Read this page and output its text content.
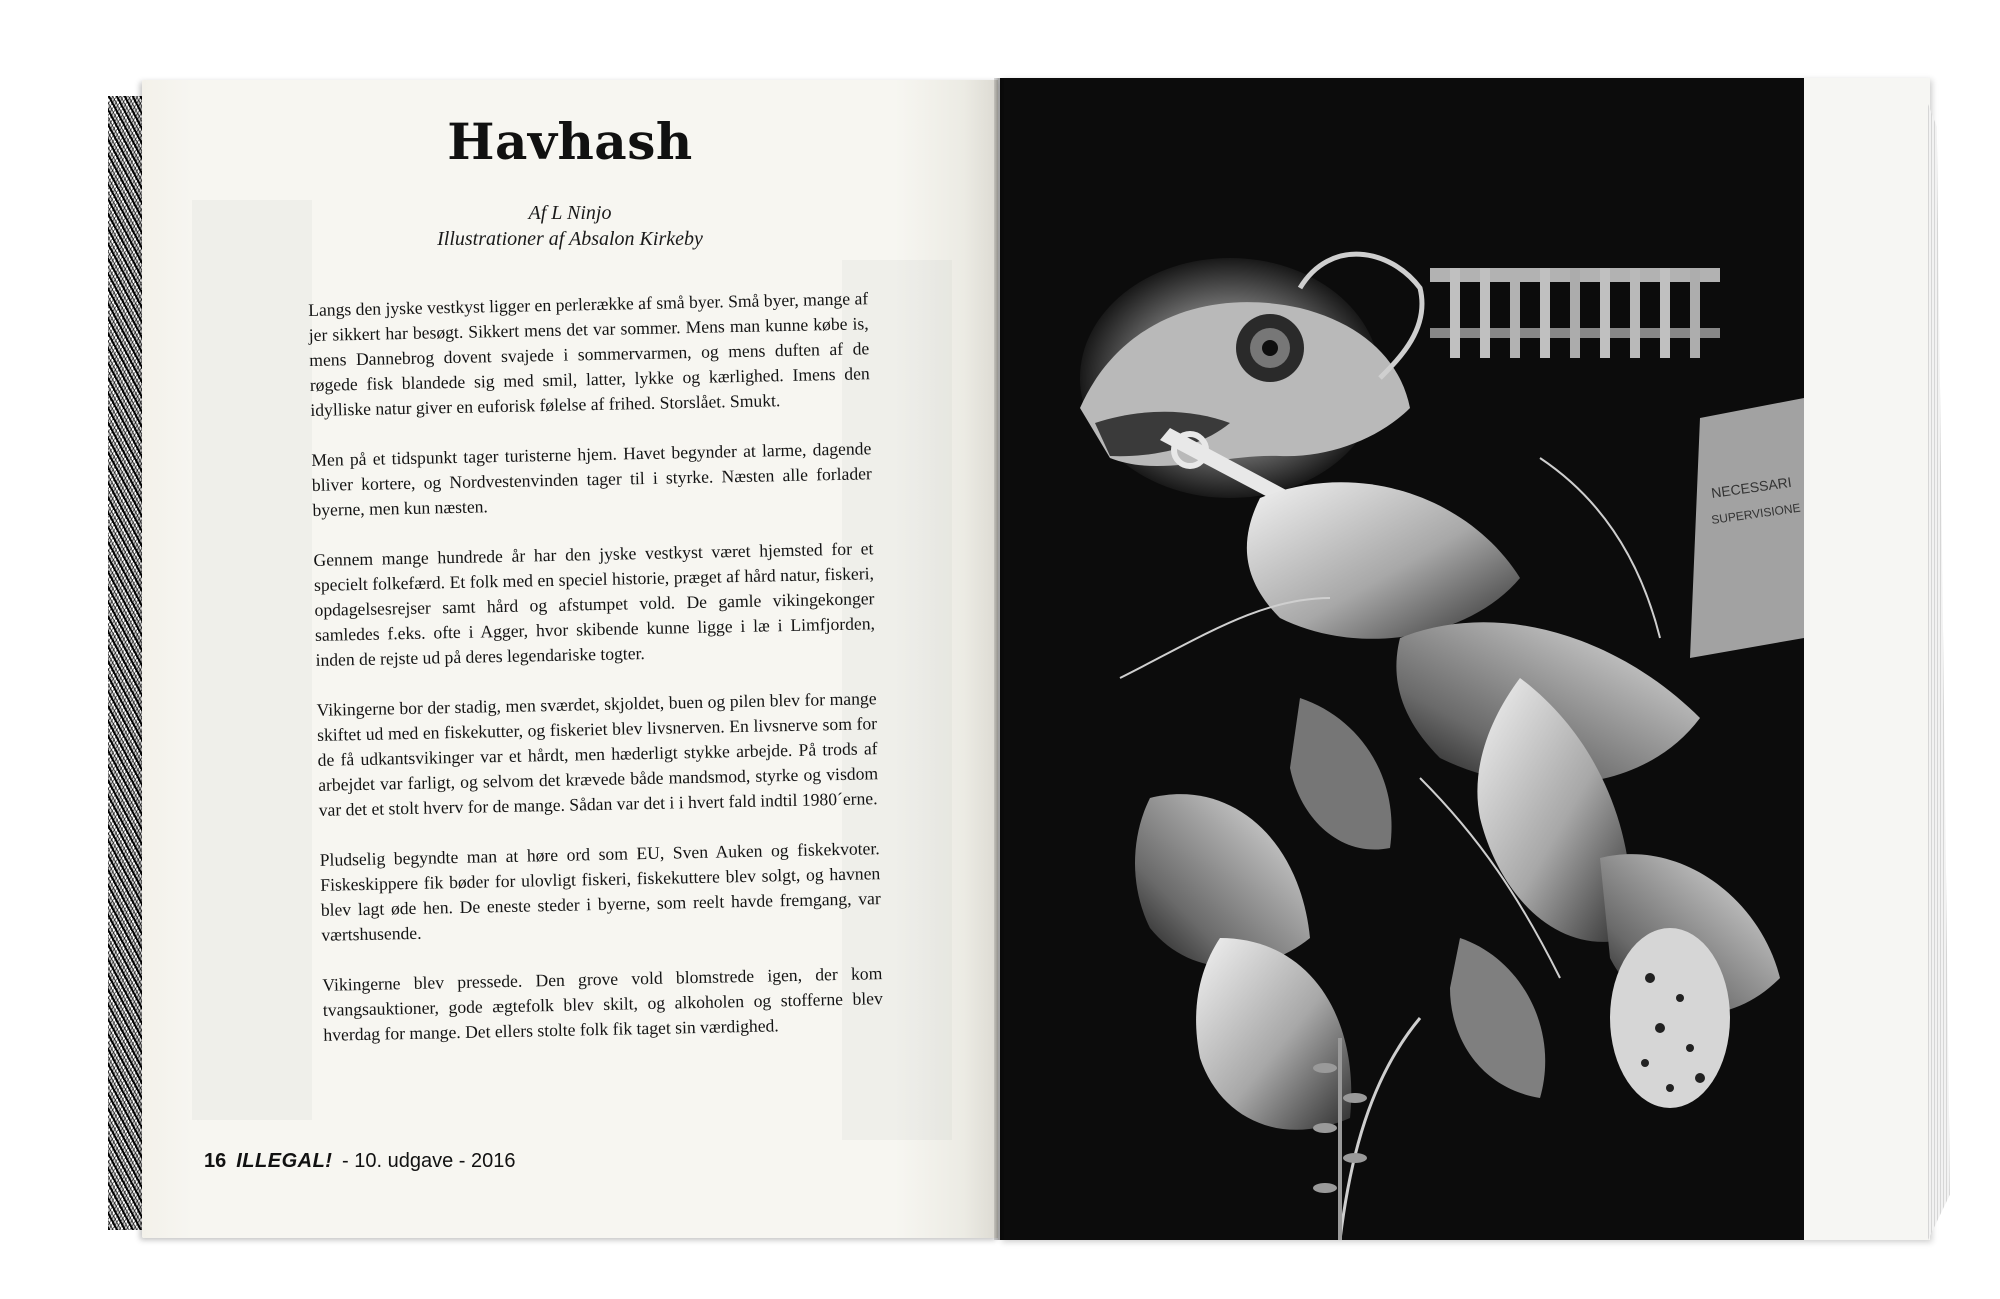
NECESSARI
SUPERVISIONE
Havhash
Af L Ninjo
Illustrationer af Absalon Kirkeby

Langs den jyske vestkyst ligger en perlerække af små byer. Små byer, mange af jer sikkert har besøgt. Sikkert mens det var sommer. Mens man kunne købe is, mens Dannebrog dovent svajede i sommervarmen, og mens duften af de røgede fisk blandede sig med smil, latter, lykke og kærlighed. Imens den idylliske natur giver en euforisk følelse af frihed. Storslået. Smukt.

Men på et tidspunkt tager turisterne hjem. Havet begynder at larme, dagende bliver kortere, og Nordvestenvinden tager til i styrke. Næsten alle forlader byerne, men kun næsten.

Gennem mange hundrede år har den jyske vestkyst været hjemsted for et specielt folkefærd. Et folk med en speciel historie, præget af hård natur, fiskeri, opdagelsesrejser samt hård og afstumpet vold. De gamle vikingekonger samledes f.eks. ofte i Agger, hvor skibende kunne ligge i læ i Limfjorden, inden de rejste ud på deres legendariske togter.

Vikingerne bor der stadig, men sværdet, skjoldet, buen og pilen blev for mange skiftet ud med en fiskekutter, og fiskeriet blev livsnerven. En livsnerve som for de få udkantsvikinger var et hårdt, men hæderligt stykke arbejde. På trods af arbejdet var farligt, og selvom det krævede både mandsmod, styrke og visdom var det et stolt hverv for de mange. Sådan var det i i hvert fald indtil 1980´erne.

Pludselig begyndte man at høre ord som EU, Sven Auken og fiskekvoter. Fiskeskippere fik bøder for ulovligt fiskeri, fiskekuttere blev solgt, og havnen blev lagt øde hen. De eneste steder i byerne, som reelt havde fremgang, var værtshusende.

Vikingerne blev pressede. Den grove vold blomstrede igen, der kom tvangsauktioner, gode ægtefolk blev skilt, og alkoholen og stofferne blev hverdag for mange. Det ellers stolte folk fik taget sin værdighed.

16 ILLEGAL! - 10. udgave - 2016
